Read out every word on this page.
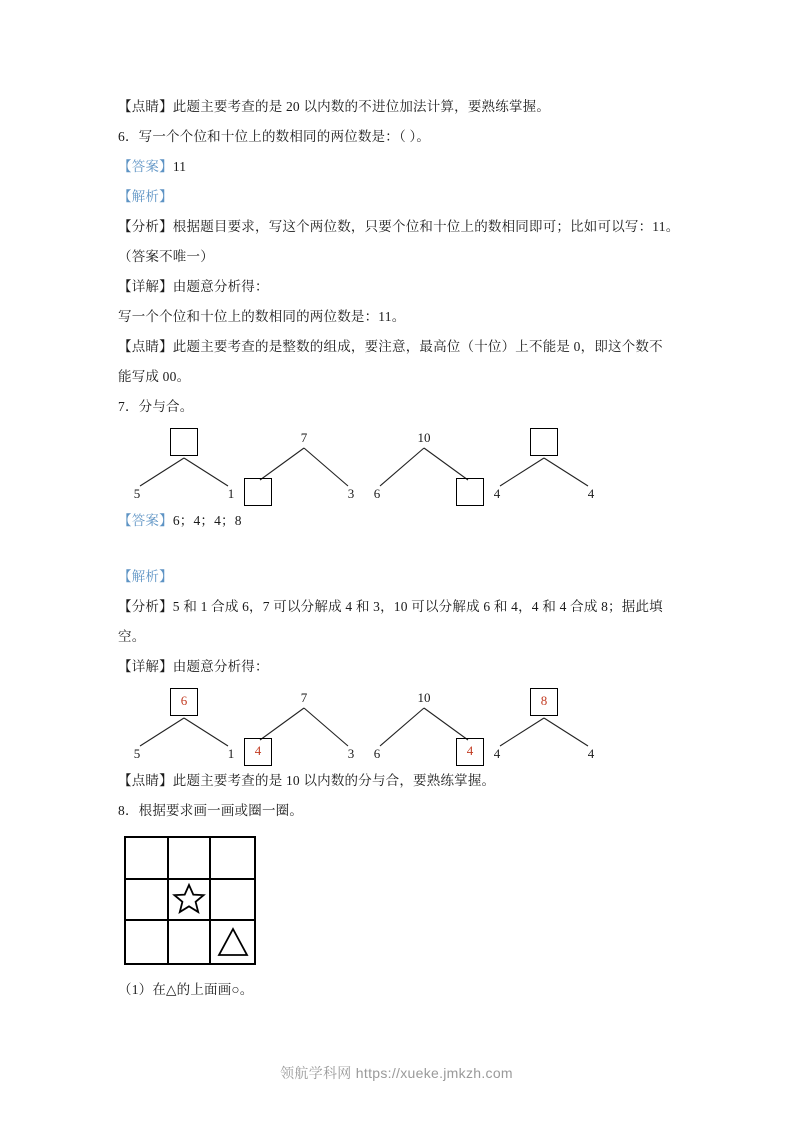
【点睛】此题主要考查的是 20 以内数的不进位加法计算，要熟练掌握。
6．写一个个位和十位上的数相同的两位数是：（ ）。
【答案】11
【解析】
【分析】根据题目要求，写这个两位数，只要个位和十位上的数相同即可；比如可以写：11。
（答案不唯一）
【详解】由题意分析得：
写一个个位和十位上的数相同的两位数是：11。
【点睛】此题主要考查的是整数的组成，要注意，最高位（十位）上不能是 0，即这个数不
能写成 00。
7．分与合。
5	1
7
3
10
6	4	4
【答案】6；4；4；8
【解析】
【分析】5 和 1 合成 6，7 可以分解成 4 和 3，10 可以分解成 6 和 4，4 和 4 合成 8；据此填
空。
【详解】由题意分析得：
6
5	1
7
4	3
10
6	4
8
4	4
【点睛】此题主要考查的是 10 以内数的分与合，要熟练掌握。
8．根据要求画一画或圈一圈。
（1）在△的上面画○。
领航学科网 https://xueke.jmkzh.com
